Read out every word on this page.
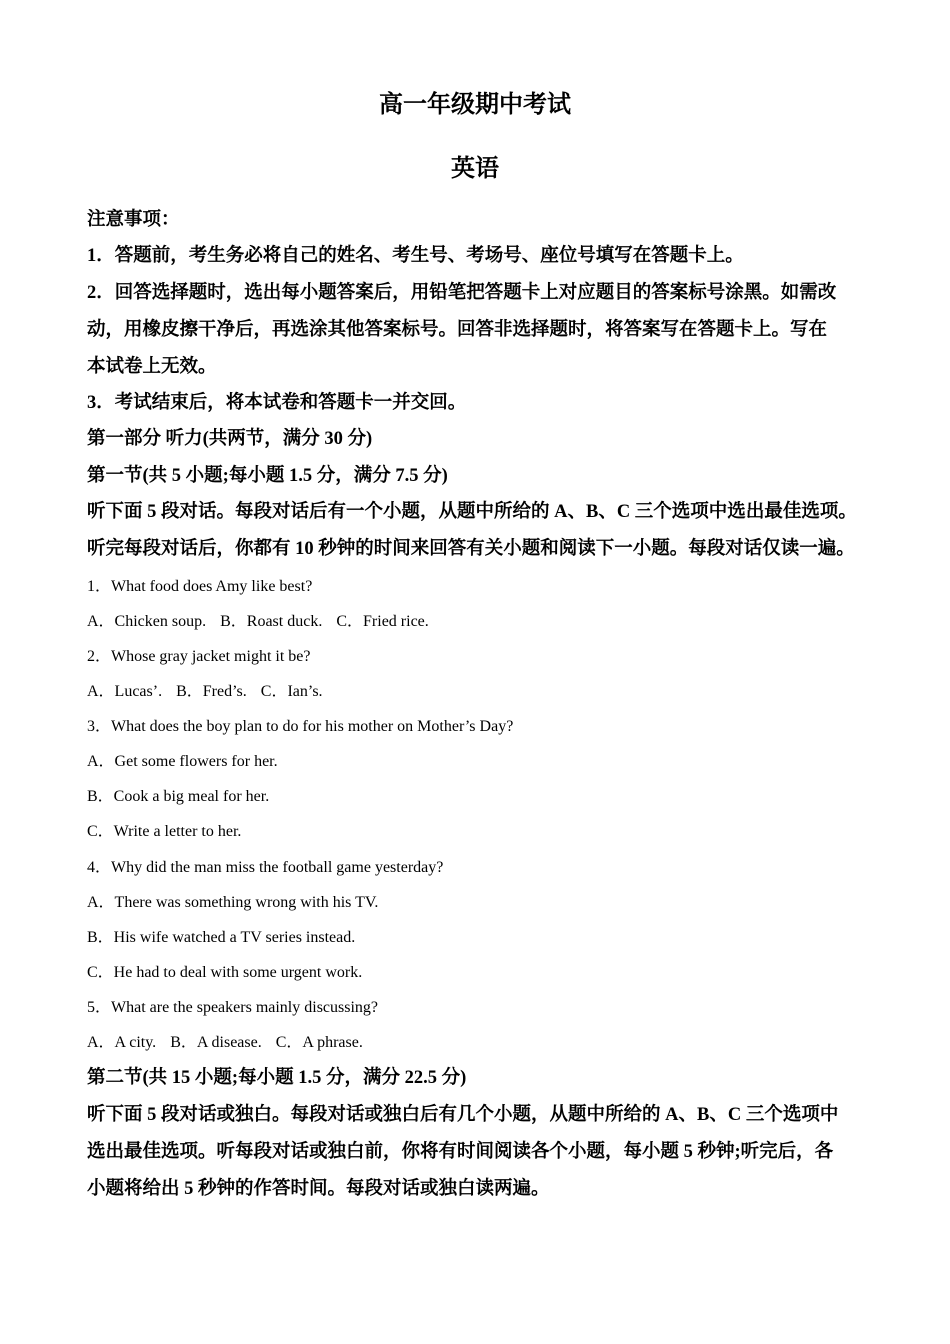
高一年级期中考试
英语
注意事项：
1．答题前，考生务必将自己的姓名、考生号、考场号、座位号填写在答题卡上。
2．回答选择题时，选出每小题答案后，用铅笔把答题卡上对应题目的答案标号涂黑。如需改
动，用橡皮擦干净后，再选涂其他答案标号。回答非选择题时，将答案写在答题卡上。写在
本试卷上无效。
3．考试结束后，将本试卷和答题卡一并交回。
第一部分 听力(共两节，满分 30 分)
第一节(共 5 小题;每小题 1.5 分，满分 7.5 分)
听下面 5 段对话。每段对话后有一个小题，从题中所给的 A、B、C 三个选项中选出最佳选项。
听完每段对话后，你都有 10 秒钟的时间来回答有关小题和阅读下一小题。每段对话仅读一遍。
1．What food does Amy like best?
A．Chicken soup. B．Roast duck. C．Fried rice.
2．Whose gray jacket might it be?
A．Lucas’. B．Fred’s. C．Ian’s.
3．What does the boy plan to do for his mother on Mother’s Day?
A．Get some flowers for her.
B．Cook a big meal for her.
C．Write a letter to her.
4．Why did the man miss the football game yesterday?
A．There was something wrong with his TV.
B．His wife watched a TV series instead.
C．He had to deal with some urgent work.
5．What are the speakers mainly discussing?
A．A city. B．A disease. C．A phrase.
第二节(共 15 小题;每小题 1.5 分，满分 22.5 分)
听下面 5 段对话或独白。每段对话或独白后有几个小题，从题中所给的 A、B、C 三个选项中
选出最佳选项。听每段对话或独白前，你将有时间阅读各个小题，每小题 5 秒钟;听完后，各
小题将给出 5 秒钟的作答时间。每段对话或独白读两遍。
